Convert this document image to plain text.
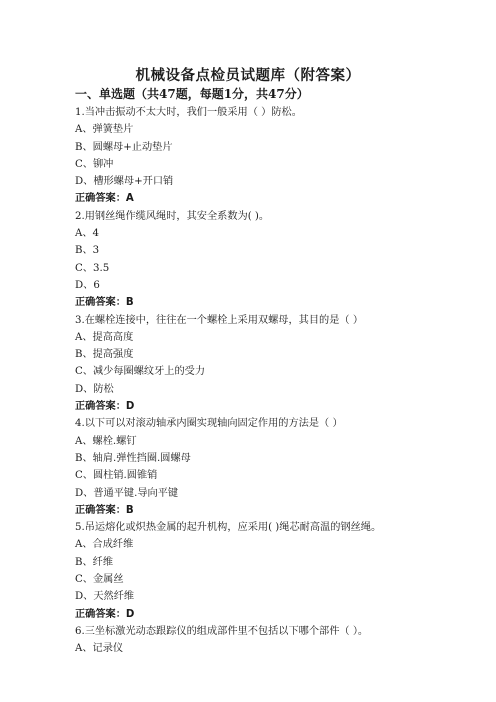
机械设备点检员试题库（附答案）
一、单选题（共47题，每题1分，共47分）
1.当冲击振动不太大时，我们一般采用（ ）防松。
A、弹簧垫片
B、圆螺母+止动垫片
C、铆冲
D、槽形螺母+开口销
正确答案：A
2.用钢丝绳作缆风绳时，其安全系数为( )。
A、4
B、3
C、3.5
D、6
正确答案：B
3.在螺栓连接中，往往在一个螺栓上采用双螺母，其目的是（ ）
A、提高高度
B、提高强度
C、减少每圈螺纹牙上的受力
D、防松
正确答案：D
4.以下可以对滚动轴承内圈实现轴向固定作用的方法是（ ）
A、螺栓.螺钉
B、轴肩.弹性挡圈.圆螺母
C、圆柱销.圆锥销
D、普通平键.导向平键
正确答案：B
5.吊运熔化或炽热金属的起升机构，应采用( )绳芯耐高温的钢丝绳。
A、合成纤维
B、纤维
C、金属丝
D、天然纤维
正确答案：D
6.三坐标激光动态跟踪仪的组成部件里不包括以下哪个部件（ ）。
A、记录仪
